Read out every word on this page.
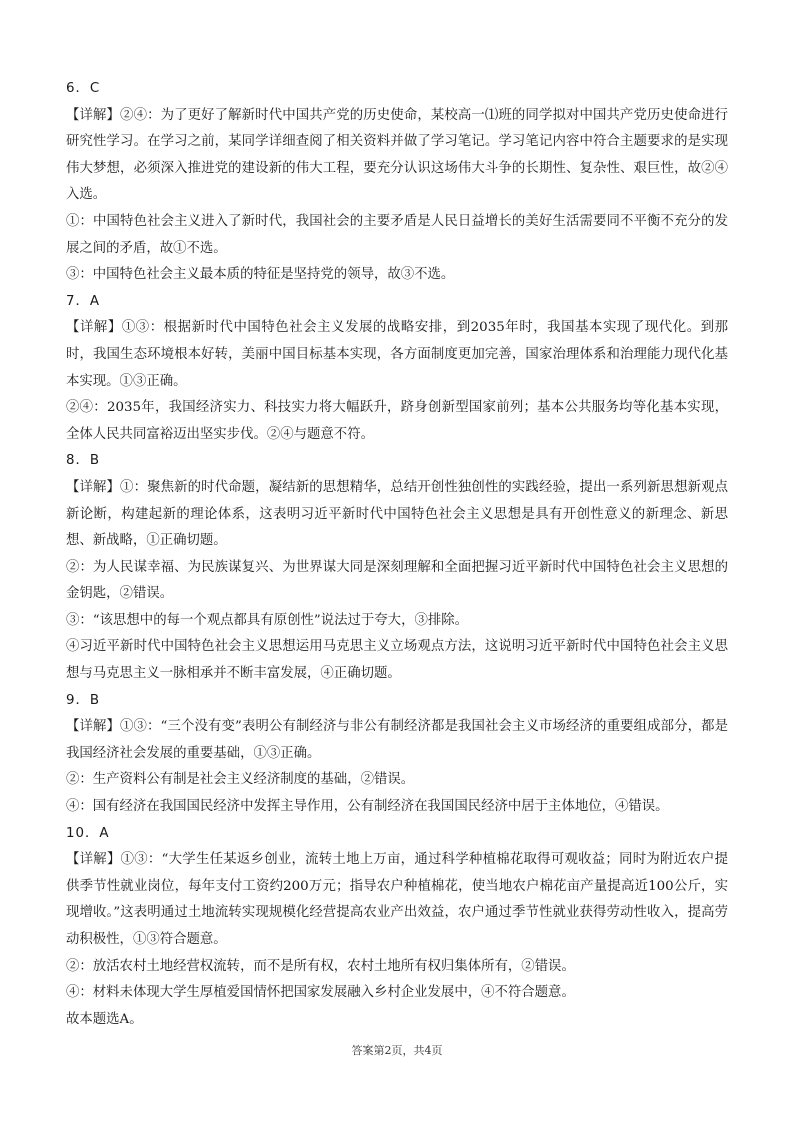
6．C
【详解】②④：为了更好了解新时代中国共产党的历史使命，某校高一⑴班的同学拟对中国共产党历史使命进行研究性学习。在学习之前，某同学详细查阅了相关资料并做了学习笔记。学习笔记内容中符合主题要求的是实现伟大梦想，必须深入推进党的建设新的伟大工程，要充分认识这场伟大斗争的长期性、复杂性、艰巨性，故②④入选。
①：中国特色社会主义进入了新时代，我国社会的主要矛盾是人民日益增长的美好生活需要同不平衡不充分的发展之间的矛盾，故①不选。
③：中国特色社会主义最本质的特征是坚持党的领导，故③不选。
7．A
【详解】①③：根据新时代中国特色社会主义发展的战略安排，到2035年时，我国基本实现了现代化。到那时，我国生态环境根本好转，美丽中国目标基本实现，各方面制度更加完善，国家治理体系和治理能力现代化基本实现。①③正确。
②④：2035年，我国经济实力、科技实力将大幅跃升，跻身创新型国家前列；基本公共服务均等化基本实现，全体人民共同富裕迈出坚实步伐。②④与题意不符。
8．B
【详解】①：聚焦新的时代命题，凝结新的思想精华，总结开创性独创性的实践经验，提出一系列新思想新观点新论断，构建起新的理论体系，这表明习近平新时代中国特色社会主义思想是具有开创性意义的新理念、新思想、新战略，①正确切题。
②：为人民谋幸福、为民族谋复兴、为世界谋大同是深刻理解和全面把握习近平新时代中国特色社会主义思想的金钥匙，②错误。
③：“该思想中的每一个观点都具有原创性”说法过于夸大，③排除。
④习近平新时代中国特色社会主义思想运用马克思主义立场观点方法，这说明习近平新时代中国特色社会主义思想与马克思主义一脉相承并不断丰富发展，④正确切题。
9．B
【详解】①③：“三个没有变”表明公有制经济与非公有制经济都是我国社会主义市场经济的重要组成部分，都是我国经济社会发展的重要基础，①③正确。
②：生产资料公有制是社会主义经济制度的基础，②错误。
④：国有经济在我国国民经济中发挥主导作用，公有制经济在我国国民经济中居于主体地位，④错误。
10．A
【详解】①③：“大学生任某返乡创业，流转土地上万亩，通过科学种植棉花取得可观收益；同时为附近农户提供季节性就业岗位，每年支付工资约200万元；指导农户种植棉花，使当地农户棉花亩产量提高近100公斤，实现增收。”这表明通过土地流转实现规模化经营提高农业产出效益，农户通过季节性就业获得劳动性收入，提高劳动积极性，①③符合题意。
②：放活农村土地经营权流转，而不是所有权，农村土地所有权归集体所有，②错误。
④：材料未体现大学生厚植爱国情怀把国家发展融入乡村企业发展中，④不符合题意。
故本题选A。
答案第2页，共4页
